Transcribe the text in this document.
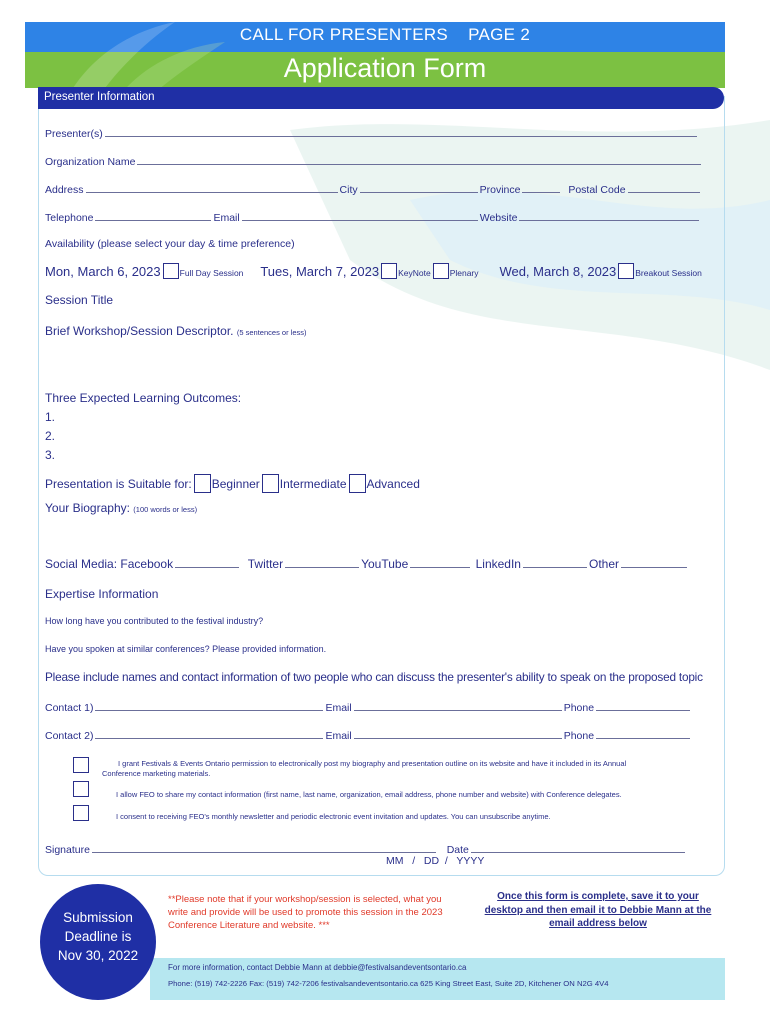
CALL FOR PRESENTERS    PAGE 2
Application Form
Presenter Information
Presenter(s)
Organization Name
Address	City	Province	Postal Code
Telephone	Email	Website
Availability (please select your day & time preference)
Mon, March 6, 2023 Full Day Session Tues, March 7, 2023 KeyNote Plenary Wed, March 8, 2023 Breakout Session
Session Title
Brief Workshop/Session Descriptor. (5 sentences or less)
Three Expected Learning Outcomes:
1.
2.
3.
Presentation is Suitable for: Beginner Intermediate Advanced
Your Biography: (100 words or less)
Social Media: Facebook	Twitter	YouTube	LinkedIn	Other
Expertise Information
How long have you contributed to the festival industry?
Have you spoken at similar conferences? Please provided information.
Please include names and contact information of two people who can discuss the presenter's ability to speak on the proposed topic
Contact 1)	Email	Phone
Contact 2)	Email	Phone
I grant Festivals & Events Ontario permission to electronically post my biography and presentation outline on its website and have it included in its Annual
Conference marketing materials.
I allow FEO to share my contact information (first name, last name, organization, email address, phone number and website) with Conference delegates.
I consent to receiving FEO's monthly newsletter and periodic electronic event invitation and updates. You can unsubscribe anytime.
Signature	Date
MM   /   DD  /   YYYY
Submission
Deadline is
Nov 30, 2022
**Please note that if your workshop/session is selected, what you write and provide will be used to promote this session in the 2023 Conference Literature and website. ***
Once this form is complete, save it to your desktop and then email it to Debbie Mann at the email address below
For more information, contact Debbie Mann at debbie@festivalsandeventsontario.ca
Phone: (519) 742-2226 Fax: (519) 742-7206 festivalsandeventsontario.ca 625 King Street East, Suite 2D, Kitchener ON N2G 4V4
